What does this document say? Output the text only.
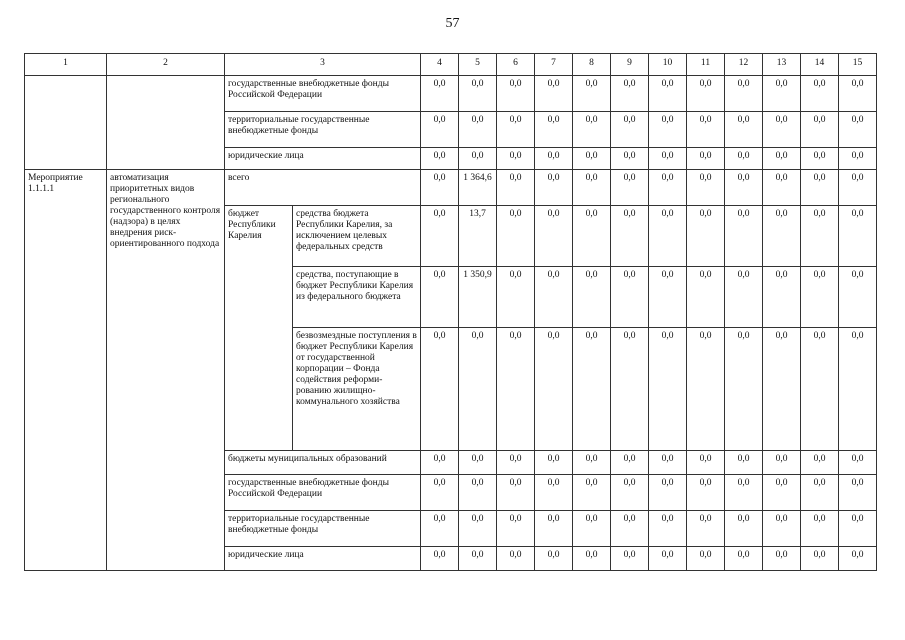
57
1	2	3		4	5	6	7	8	9	10	11	12	13	14	15
		государственные внебюджетные фонды Российской Федерации		0,0	0,0	0,0	0,0	0,0	0,0	0,0	0,0	0,0	0,0	0,0	0,0
		территориальные государственные внебюджетные фонды		0,0	0,0	0,0	0,0	0,0	0,0	0,0	0,0	0,0	0,0	0,0	0,0
		юридические лица		0,0	0,0	0,0	0,0	0,0	0,0	0,0	0,0	0,0	0,0	0,0	0,0
Мероприятие 1.1.1.1	автоматизация приоритетных видов регионального государственного контроля (надзора) в целях внедрения риск-ориентированного подхода	всего		0,0	1 364,6	0,0	0,0	0,0	0,0	0,0	0,0	0,0	0,0	0,0	0,0
		бюджет Республики Карелия	средства бюджета Республики Карелия, за исключением целевых федеральных средств	0,0	13,7	0,0	0,0	0,0	0,0	0,0	0,0	0,0	0,0	0,0	0,0
			средства, поступающие в бюджет Республики Карелия из федерального бюджета	0,0	1 350,9	0,0	0,0	0,0	0,0	0,0	0,0	0,0	0,0	0,0	0,0
			безвозмездные поступления в бюджет Республики Карелия от государственной корпорации – Фонда содействия реформи-рованию жилищно-коммунального хозяйства	0,0	0,0	0,0	0,0	0,0	0,0	0,0	0,0	0,0	0,0	0,0	0,0
		бюджеты муниципальных образований		0,0	0,0	0,0	0,0	0,0	0,0	0,0	0,0	0,0	0,0	0,0	0,0
		государственные внебюджетные фонды Российской Федерации		0,0	0,0	0,0	0,0	0,0	0,0	0,0	0,0	0,0	0,0	0,0	0,0
		территориальные государственные внебюджетные фонды		0,0	0,0	0,0	0,0	0,0	0,0	0,0	0,0	0,0	0,0	0,0	0,0
		юридические лица		0,0	0,0	0,0	0,0	0,0	0,0	0,0	0,0	0,0	0,0	0,0	0,0
